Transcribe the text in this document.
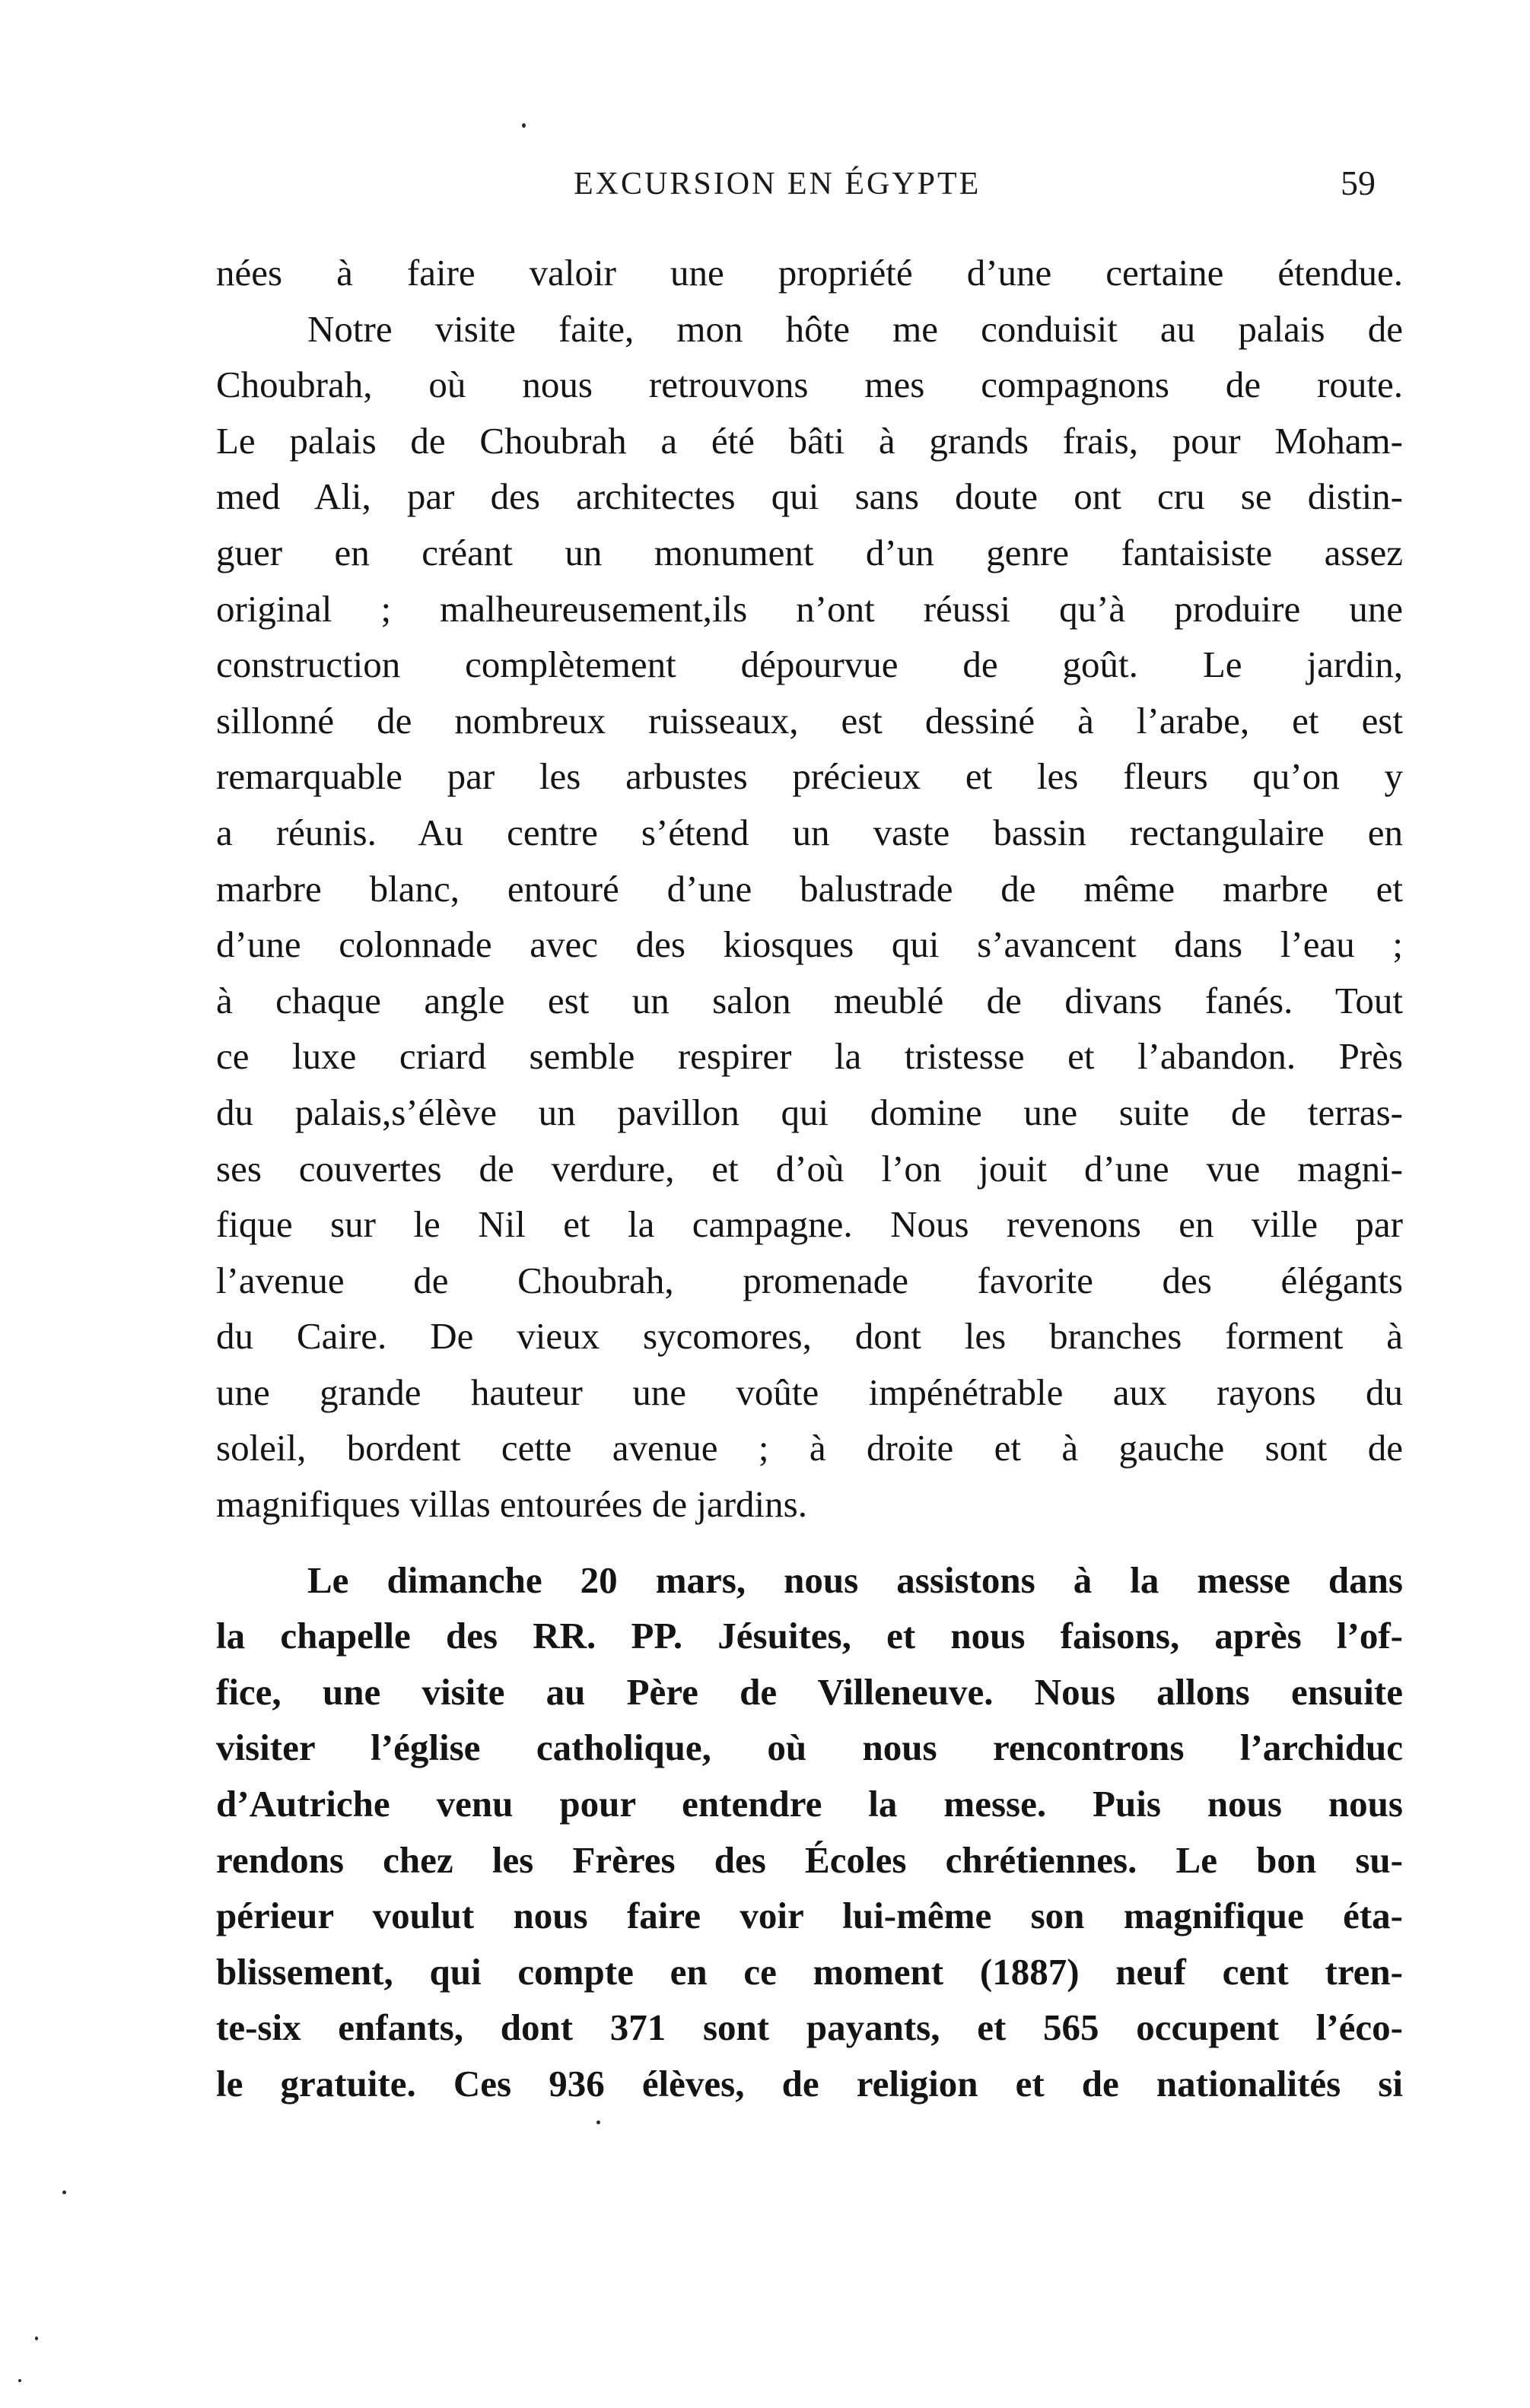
EXCURSION EN ÉGYPTE	59
nées à faire valoir une propriété d’une certaine étendue.
Notre visite faite, mon hôte me conduisit au palais de
Choubrah, où nous retrouvons mes compagnons de route.
Le palais de Choubrah a été bâti à grands frais, pour Moham-
med Ali, par des architectes qui sans doute ont cru se distin-
guer en créant un monument d’un genre fantaisiste assez
original ; malheureusement,ils n’ont réussi qu’à produire une
construction complètement dépourvue de goût. Le jardin,
sillonné de nombreux ruisseaux, est dessiné à l’arabe, et est
remarquable par les arbustes précieux et les fleurs qu’on y
a réunis. Au centre s’étend un vaste bassin rectangulaire en
marbre blanc, entouré d’une balustrade de même marbre et
d’une colonnade avec des kiosques qui s’avancent dans l’eau ;
à chaque angle est un salon meublé de divans fanés. Tout
ce luxe criard semble respirer la tristesse et l’abandon. Près
du palais,s’élève un pavillon qui domine une suite de terras-
ses couvertes de verdure, et d’où l’on jouit d’une vue magni-
fique sur le Nil et la campagne. Nous revenons en ville par
l’avenue de Choubrah, promenade favorite des élégants
du Caire. De vieux sycomores, dont les branches forment à
une grande hauteur une voûte impénétrable aux rayons du
soleil, bordent cette avenue ; à droite et à gauche sont de
magnifiques villas entourées de jardins.
Le dimanche 20 mars, nous assistons à la messe dans
la chapelle des RR. PP. Jésuites, et nous faisons, après l’of-
fice, une visite au Père de Villeneuve. Nous allons ensuite
visiter l’église catholique, où nous rencontrons l’archiduc
d’Autriche venu pour entendre la messe. Puis nous nous
rendons chez les Frères des Écoles chrétiennes. Le bon su-
périeur voulut nous faire voir lui-même son magnifique éta-
blissement, qui compte en ce moment (1887) neuf cent tren-
te-six enfants, dont 371 sont payants, et 565 occupent l’éco-
le gratuite. Ces 936 élèves, de religion et de nationalités si
